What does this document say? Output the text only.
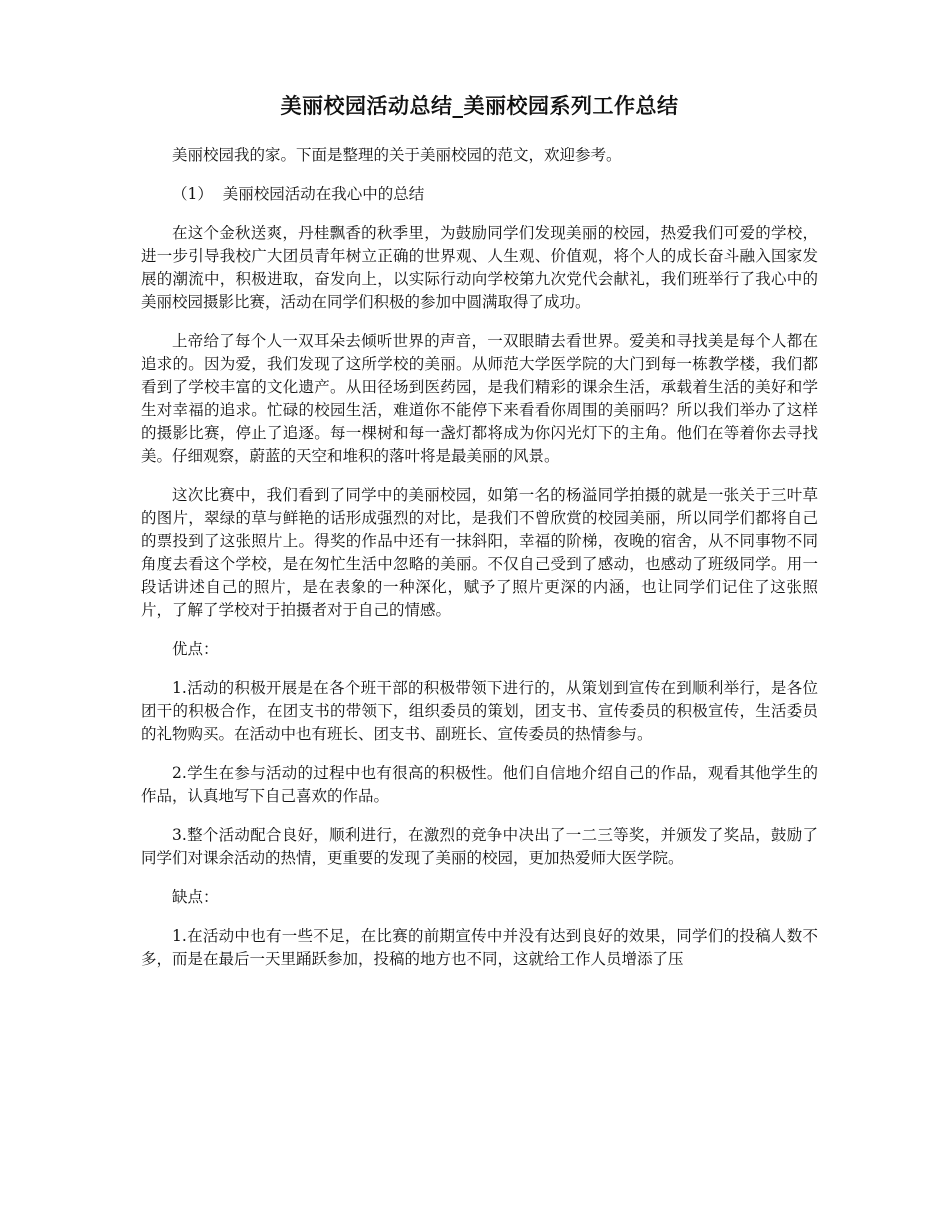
美丽校园活动总结_美丽校园系列工作总结

美丽校园我的家。下面是整理的关于美丽校园的范文，欢迎参考。

（1）  美丽校园活动在我心中的总结

在这个金秋送爽，丹桂飘香的秋季里，为鼓励同学们发现美丽的校园，热爱我们可爱的学校，进一步引导我校广大团员青年树立正确的世界观、人生观、价值观，将个人的成长奋斗融入国家发展的潮流中，积极进取，奋发向上，以实际行动向学校第九次党代会献礼，我们班举行了我心中的美丽校园摄影比赛，活动在同学们积极的参加中圆满取得了成功。

上帝给了每个人一双耳朵去倾听世界的声音，一双眼睛去看世界。爱美和寻找美是每个人都在追求的。因为爱，我们发现了这所学校的美丽。从师范大学医学院的大门到每一栋教学楼，我们都看到了学校丰富的文化遗产。从田径场到医药园，是我们精彩的课余生活，承载着生活的美好和学生对幸福的追求。忙碌的校园生活，难道你不能停下来看看你周围的美丽吗？所以我们举办了这样的摄影比赛，停止了追逐。每一棵树和每一盏灯都将成为你闪光灯下的主角。他们在等着你去寻找美。仔细观察，蔚蓝的天空和堆积的落叶将是最美丽的风景。

这次比赛中，我们看到了同学中的美丽校园，如第一名的杨溢同学拍摄的就是一张关于三叶草的图片，翠绿的草与鲜艳的话形成强烈的对比，是我们不曾欣赏的校园美丽，所以同学们都将自己的票投到了这张照片上。得奖的作品中还有一抹斜阳，幸福的阶梯，夜晚的宿舍，从不同事物不同角度去看这个学校，是在匆忙生活中忽略的美丽。不仅自己受到了感动，也感动了班级同学。用一段话讲述自己的照片，是在表象的一种深化，赋予了照片更深的内涵，也让同学们记住了这张照片，了解了学校对于拍摄者对于自己的情感。

优点：

1.活动的积极开展是在各个班干部的积极带领下进行的，从策划到宣传在到顺利举行，是各位团干的积极合作，在团支书的带领下，组织委员的策划，团支书、宣传委员的积极宣传，生活委员的礼物购买。在活动中也有班长、团支书、副班长、宣传委员的热情参与。

2.学生在参与活动的过程中也有很高的积极性。他们自信地介绍自己的作品，观看其他学生的作品，认真地写下自己喜欢的作品。

3.整个活动配合良好，顺利进行，在激烈的竞争中决出了一二三等奖，并颁发了奖品，鼓励了同学们对课余活动的热情，更重要的发现了美丽的校园，更加热爱师大医学院。

缺点：

1.在活动中也有一些不足，在比赛的前期宣传中并没有达到良好的效果，同学们的投稿人数不多，而是在最后一天里踊跃参加，投稿的地方也不同，这就给工作人员增添了压
